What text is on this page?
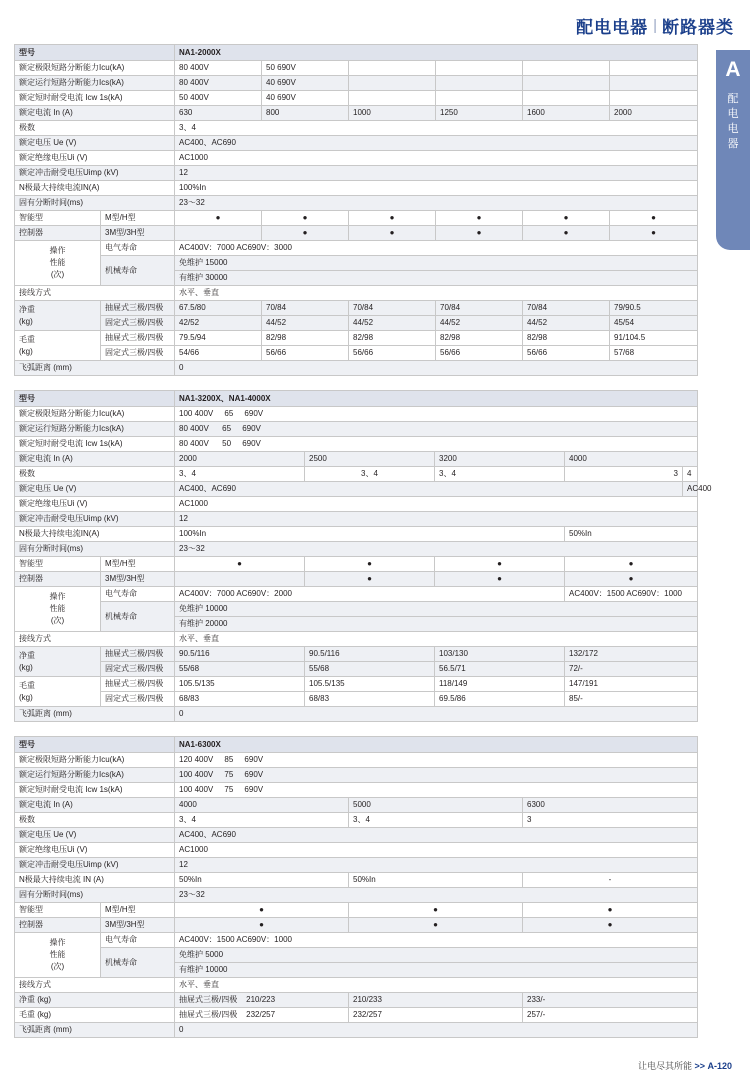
配电电器 | 断路器类
A
配
电
电
器
型号		NA1-2000X					
额定极限短路分断能力Icu(kA)		80 400V	50 690V				
额定运行短路分断能力Ics(kA)		80 400V	40 690V				
额定短时耐受电流 Icw 1s(kA)		50 400V	40 690V				
额定电流 In (A)		630	800	1000	1250	1600	2000
极数		3、4					
额定电压 Ue (V)		AC400、AC690					
额定绝缘电压Ui (V)		AC1000					
额定冲击耐受电压Uimp (kV)		12					
N极最大持续电流IN(A)		100%In					
固有分断时间(ms)		23～32					
智能型	M型/H型	●	●	●	●	●	●
控制器	3M型/3H型		●	●	●	●	●

操作
性能
(次)	电气寿命	AC400V：7000 AC690V：3000					
	机械寿命	免维护 15000					
		有维护 30000					
接线方式		水平、垂直					

净重
(kg)	抽屉式三极/四极	67.5/80	70/84	70/84	70/84	70/84	79/90.5
	固定式三极/四极	42/52	44/52	44/52	44/52	44/52	45/54

毛重
(kg)	抽屉式三极/四极	79.5/94	82/98	82/98	82/98	82/98	91/104.5
	固定式三极/四极	54/66	56/66	56/66	56/66	56/66	57/68
飞弧距离 (mm)		0					
型号		NA1-3200X、NA1-4000X				
额定极限短路分断能力Icu(kA)		100 400V 65 690V				
额定运行短路分断能力Ics(kA)		80 400V 65 690V				
额定短时耐受电流 Icw 1s(kA)		80 400V 50 690V				
额定电流 In (A)		2000	2500	3200	4000	
极数		3、4	3、4	3、4	3	4
额定电压 Ue (V)		AC400、AC690				AC400
额定绝缘电压Ui (V)		AC1000				
额定冲击耐受电压Uimp (kV)		12				
N极最大持续电流IN(A)		100%In			50%In	
固有分断时间(ms)		23～32				
智能型	M型/H型	●	●	●	●	
控制器	3M型/3H型		●	●	●	

操作
性能
(次)	电气寿命	AC400V：7000 AC690V：2000			AC400V：1500 AC690V：1000	
	机械寿命	免维护 10000				
		有维护 20000				
接线方式		水平、垂直				

净重
(kg)	抽屉式三极/四极	90.5/116	90.5/116	103/130	132/172	
	固定式三极/四极	55/68	55/68	56.5/71	72/-	

毛重
(kg)	抽屉式三极/四极	105.5/135	105.5/135	118/149	147/191	
	固定式三极/四极	68/83	68/83	69.5/86	85/-	
飞弧距离 (mm)		0				
型号		NA1-6300X		
额定极限短路分断能力Icu(kA)		120 400V 85 690V		
额定运行短路分断能力Ics(kA)		100 400V 75 690V		
额定短时耐受电流 Icw 1s(kA)		100 400V 75 690V		
额定电流 In (A)		4000	5000	6300
极数		3、4	3、4	3
额定电压 Ue (V)		AC400、AC690		
额定绝缘电压Ui (V)		AC1000		
额定冲击耐受电压Uimp (kV)		12		
N极最大持续电流 IN (A)		50%In	50%In	-
固有分断时间(ms)		23～32		
智能型	M型/H型	●	●	●
控制器	3M型/3H型	●	●	●

操作
性能
(次)	电气寿命	AC400V：1500 AC690V：1000		
	机械寿命	免维护 5000		
		有维护 10000		
接线方式		水平、垂直		
净重 (kg)		抽屉式三极/四极 210/223	210/233	233/-
毛重 (kg)		抽屉式三极/四极 232/257	232/257	257/-
飞弧距离 (mm)		0		
让电尽其所能 >> A-120
